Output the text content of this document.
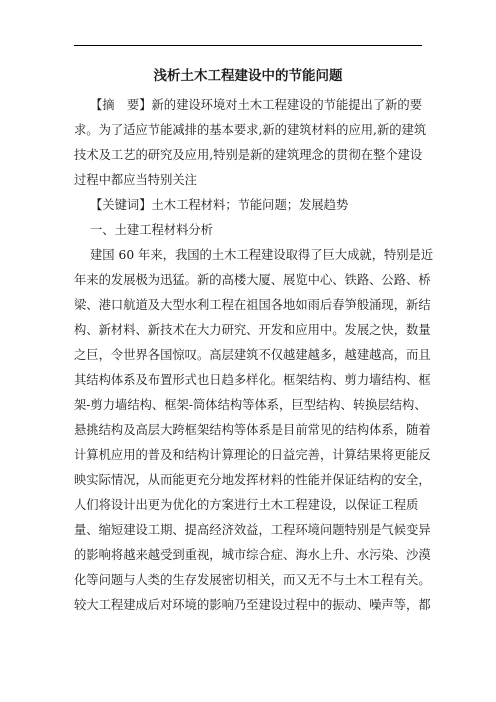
浅析土木工程建设中的节能问题
【摘　要】新的建设环境对土木工程建设的节能提出了新的要
求。为了适应节能减排的基本要求,新的建筑材料的应用,新的建筑
技术及工艺的研究及应用,特别是新的建筑理念的贯彻在整个建设
过程中都应当特别关注
【关键词】土木工程材料；节能问题；发展趋势
一、土建工程材料分析
建国 60 年来，我国的土木工程建设取得了巨大成就，特别是近
年来的发展极为迅猛。新的高楼大厦、展览中心、铁路、公路、桥
梁、港口航道及大型水利工程在祖国各地如雨后春笋般涌现，新结
构、新材料、新技术在大力研究、开发和应用中。发展之快，数量
之巨，令世界各国惊叹。高层建筑不仅越建越多，越建越高，而且
其结构体系及布置形式也日趋多样化。框架结构、剪力墙结构、框
架-剪力墙结构、框架-筒体结构等体系，巨型结构、转换层结构、
悬挑结构及高层大跨框架结构等体系是目前常见的结构体系，随着
计算机应用的普及和结构计算理论的日益完善，计算结果将更能反
映实际情况，从而能更充分地发挥材料的性能并保证结构的安全，
人们将设计出更为优化的方案进行土木工程建设，以保证工程质
量、缩短建设工期、提高经济效益，工程环境问题特别是气候变异
的影响将越来越受到重视，城市综合症、海水上升、水污染、沙漠
化等问题与人类的生存发展密切相关，而又无不与土木工程有关。
较大工程建成后对环境的影响乃至建设过程中的振动、噪声等，都
